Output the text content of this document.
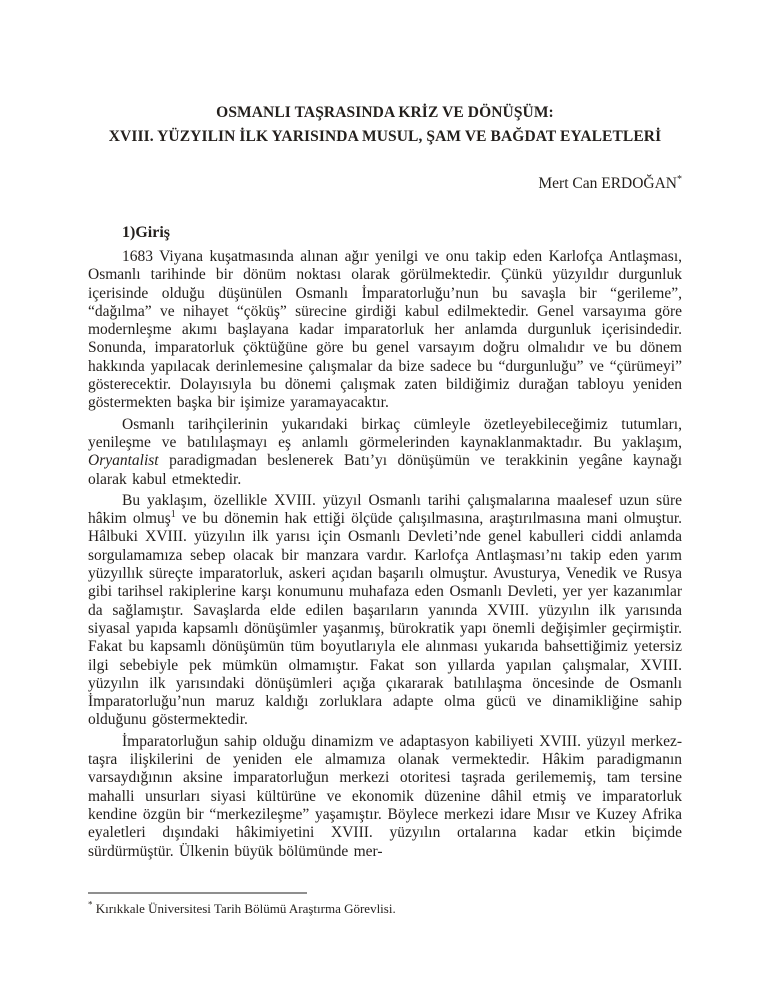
OSMANLI TAŞRASINDA KRİZ VE DÖNÜŞÜM:
XVIII. YÜZYILIN İLK YARISINDA MUSUL, ŞAM VE BAĞDAT EYALETLERİ
Mert Can ERDOĞAN*
1)Giriş

1683 Viyana kuşatmasında alınan ağır yenilgi ve onu takip eden Karlofça Antlaşması, Osmanlı tarihinde bir dönüm noktası olarak görülmektedir. Çünkü yüzyıldır durgunluk içerisinde olduğu düşünülen Osmanlı İmparatorluğu’nun bu savaşla bir “gerileme”, “dağılma” ve nihayet “çöküş” sürecine girdiği kabul edilmektedir. Genel varsayıma göre modernleşme akımı başlayana kadar imparatorluk her anlamda durgunluk içerisindedir. Sonunda, imparatorluk çöktüğüne göre bu genel varsayım doğru olmalıdır ve bu dönem hakkında yapılacak derinlemesine çalışmalar da bize sadece bu “durgunluğu” ve “çürümeyi” gösterecektir. Dolayısıyla bu dönemi çalışmak zaten bildiğimiz durağan tabloyu yeniden göstermekten başka bir işimize yaramayacaktır.

Osmanlı tarihçilerinin yukarıdaki birkaç cümleyle özetleyebileceğimiz tutumları, yenileşme ve batılılaşmayı eş anlamlı görmelerinden kaynaklanmaktadır. Bu yaklaşım, Oryantalist paradigmadan beslenerek Batı’yı dönüşümün ve terakkinin yegâne kaynağı olarak kabul etmektedir.

Bu yaklaşım, özellikle XVIII. yüzyıl Osmanlı tarihi çalışmalarına maalesef uzun süre hâkim olmuş$^1$ ve bu dönemin hak ettiği ölçüde çalışılmasına, araştırılmasına mani olmuştur. Hâlbuki XVIII. yüzyılın ilk yarısı için Osmanlı Devleti’nde genel kabulleri ciddi anlamda sorgulamamıza sebep olacak bir manzara vardır. Karlofça Antlaşması’nı takip eden yarım yüzyıllık süreçte imparatorluk, askeri açıdan başarılı olmuştur. Avusturya, Venedik ve Rusya gibi tarihsel rakiplerine karşı konumunu muhafaza eden Osmanlı Devleti, yer yer kazanımlar da sağlamıştır. Savaşlarda elde edilen başarıların yanında XVIII. yüzyılın ilk yarısında siyasal yapıda kapsamlı dönüşümler yaşanmış, bürokratik yapı önemli değişimler geçirmiştir. Fakat bu kapsamlı dönüşümün tüm boyutlarıyla ele alınması yukarıda bahsettiğimiz yetersiz ilgi sebebiyle pek mümkün olmamıştır. Fakat son yıllarda yapılan çalışmalar, XVIII. yüzyılın ilk yarısındaki dönüşümleri açığa çıkararak batılılaşma öncesinde de Osmanlı İmparatorluğu’nun maruz kaldığı zorluklara adapte olma gücü ve dinamikliğine sahip olduğunu göstermektedir.

İmparatorluğun sahip olduğu dinamizm ve adaptasyon kabiliyeti XVIII. yüzyıl merkez-taşra ilişkilerini de yeniden ele almamıza olanak vermektedir. Hâkim paradigmanın varsaydığının aksine imparatorluğun merkezi otoritesi taşrada gerilememiş, tam tersine mahalli unsurları siyasi kültürüne ve ekonomik düzenine dâhil etmiş ve imparatorluk kendine özgün bir “merkezileşme” yaşamıştır. Böylece merkezi idare Mısır ve Kuzey Afrika eyaletleri dışındaki hâkimiyetini XVIII. yüzyılın ortalarına kadar etkin biçimde sürdürmüştür. Ülkenin büyük bölümünde mer-

* Kırıkkale Üniversitesi Tarih Bölümü Araştırma Görevlisi.
